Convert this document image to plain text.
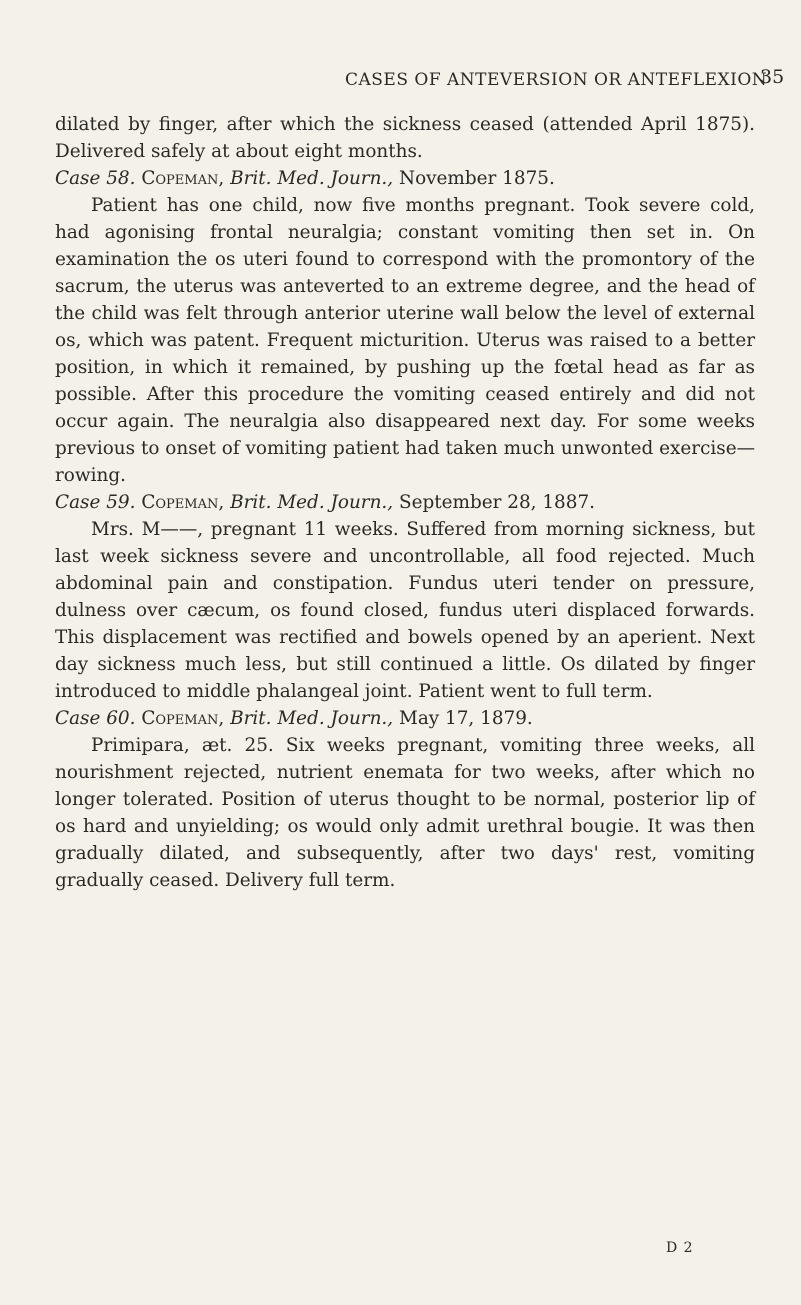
CASES OF ANTEVERSION OR ANTEFLEXION
35

dilated by finger, after which the sickness ceased (attended April 1875). Delivered safely at about eight months.

Case 58. Copeman, Brit. Med. Journ., November 1875.

Patient has one child, now five months pregnant. Took severe cold, had agonising frontal neuralgia; constant vomiting then set in. On examination the os uteri found to correspond with the promontory of the sacrum, the uterus was anteverted to an extreme degree, and the head of the child was felt through anterior uterine wall below the level of external os, which was patent. Frequent micturition. Uterus was raised to a better position, in which it remained, by pushing up the fœtal head as far as possible. After this procedure the vomiting ceased entirely and did not occur again. The neuralgia also disappeared next day. For some weeks previous to onset of vomiting patient had taken much unwonted exercise—rowing.

Case 59. Copeman, Brit. Med. Journ., September 28, 1887.

Mrs. M——, pregnant 11 weeks. Suffered from morning sickness, but last week sickness severe and uncontrollable, all food rejected. Much abdominal pain and constipation. Fundus uteri tender on pressure, dulness over cæcum, os found closed, fundus uteri displaced forwards. This displacement was rectified and bowels opened by an aperient. Next day sickness much less, but still continued a little. Os dilated by finger introduced to middle phalangeal joint. Patient went to full term.

Case 60. Copeman, Brit. Med. Journ., May 17, 1879.

Primipara, æt. 25. Six weeks pregnant, vomiting three weeks, all nourishment rejected, nutrient enemata for two weeks, after which no longer tolerated. Position of uterus thought to be normal, posterior lip of os hard and unyielding; os would only admit urethral bougie. It was then gradually dilated, and subsequently, after two days' rest, vomiting gradually ceased. Delivery full term.

D 2
